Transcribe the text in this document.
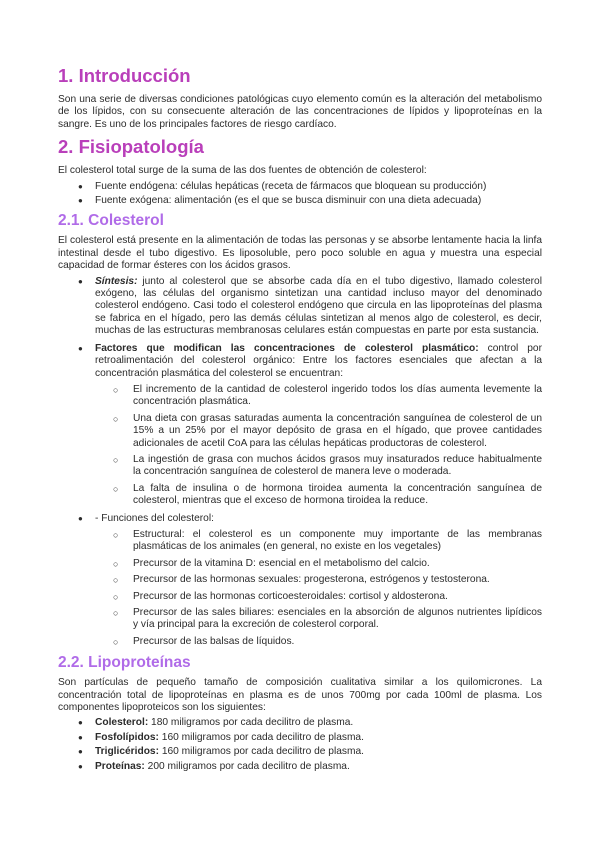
1. Introducción

Son una serie de diversas condiciones patológicas cuyo elemento común es la alteración del metabolismo de los lípidos, con su consecuente alteración de las concentraciones de lípidos y lipoproteínas en la sangre. Es uno de los principales factores de riesgo cardíaco.

2. Fisiopatología

El colesterol total surge de la suma de las dos fuentes de obtención de colesterol:

● Fuente endógena: células hepáticas (receta de fármacos que bloquean su producción)
● Fuente exógena: alimentación (es el que se busca disminuir con una dieta adecuada)
2.1. Colesterol

El colesterol está presente en la alimentación de todas las personas y se absorbe lentamente hacia la linfa intestinal desde el tubo digestivo. Es liposoluble, pero poco soluble en agua y muestra una especial capacidad de formar ésteres con los ácidos grasos.

● Síntesis: junto al colesterol que se absorbe cada día en el tubo digestivo, llamado colesterol exógeno, las células del organismo sintetizan una cantidad incluso mayor del denominado colesterol endógeno. Casi todo el colesterol endógeno que circula en las lipoproteínas del plasma se fabrica en el hígado, pero las demás células sintetizan al menos algo de colesterol, es decir, muchas de las estructuras membranosas celulares están compuestas en parte por esta sustancia.
● Factores que modifican las concentraciones de colesterol plasmático: control por retroalimentación del colesterol orgánico: Entre los factores esenciales que afectan a la concentración plasmática del colesterol se encuentran:
○ El incremento de la cantidad de colesterol ingerido todos los días aumenta levemente la concentración plasmática.
○ Una dieta con grasas saturadas aumenta la concentración sanguínea de colesterol de un 15% a un 25% por el mayor depósito de grasa en el hígado, que provee cantidades adicionales de acetil CoA para las células hepáticas productoras de colesterol.
○ La ingestión de grasa con muchos ácidos grasos muy insaturados reduce habitualmente la concentración sanguínea de colesterol de manera leve o moderada.
○ La falta de insulina o de hormona tiroidea aumenta la concentración sanguínea de colesterol, mientras que el exceso de hormona tiroidea la reduce.
● - Funciones del colesterol:
○ Estructural: el colesterol es un componente muy importante de las membranas plasmáticas de los animales (en general, no existe en los vegetales)
○ Precursor de la vitamina D: esencial en el metabolismo del calcio.
○ Precursor de las hormonas sexuales: progesterona, estrógenos y testosterona.
○ Precursor de las hormonas corticoesteroidales: cortisol y aldosterona.
○ Precursor de las sales biliares: esenciales en la absorción de algunos nutrientes lipídicos y vía principal para la excreción de colesterol corporal.
○ Precursor de las balsas de líquidos.
2.2. Lipoproteínas

Son partículas de pequeño tamaño de composición cualitativa similar a los quilomicrones. La concentración total de lipoproteínas en plasma es de unos 700mg por cada 100ml de plasma. Los componentes lipoproteicos son los siguientes:

● Colesterol: 180 miligramos por cada decilitro de plasma.
● Fosfolípidos: 160 miligramos por cada decilitro de plasma.
● Triglicéridos: 160 miligramos por cada decilitro de plasma.
● Proteínas: 200 miligramos por cada decilitro de plasma.
